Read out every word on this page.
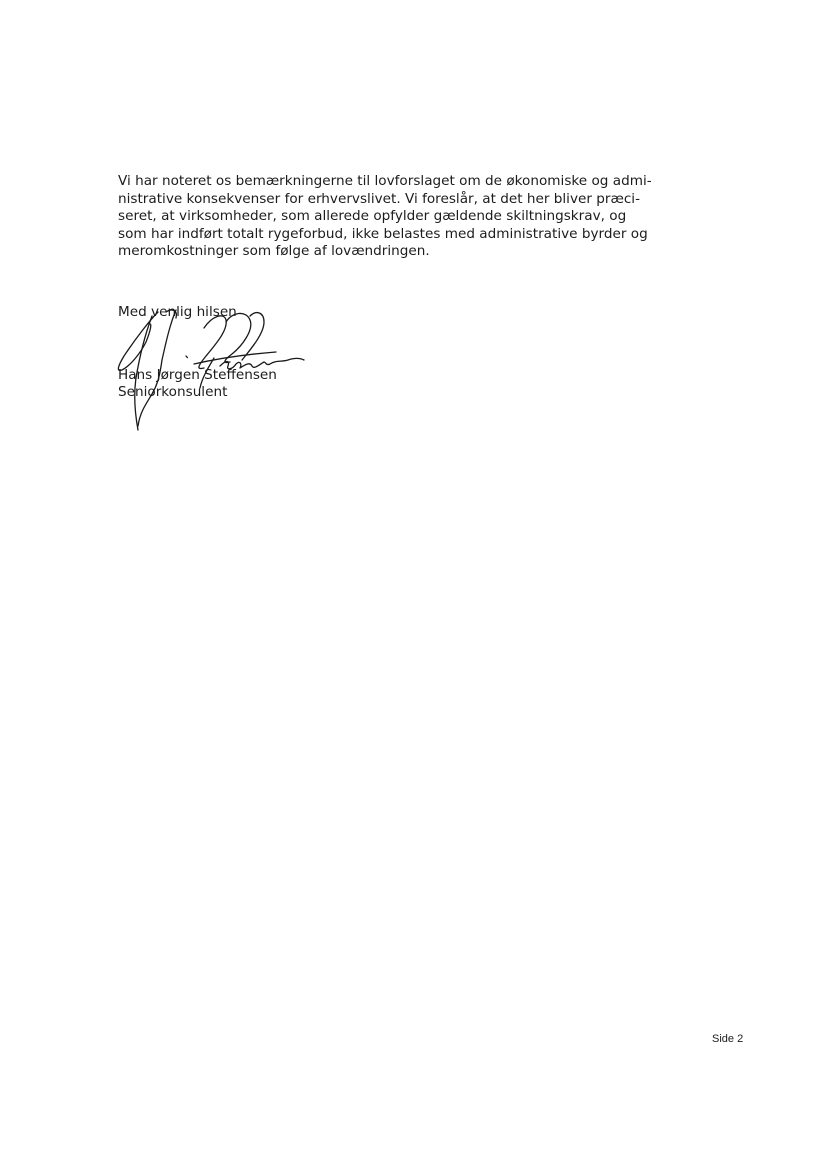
Vi har noteret os bemærkningerne til lovforslaget om de økonomiske og admi-
nistrative konsekvenser for erhvervslivet. Vi foreslår, at det her bliver præci-
seret, at virksomheder, som allerede opfylder gældende skiltningskrav, og
som har indført totalt rygeforbud, ikke belastes med administrative byrder og
meromkostninger som følge af lovændringen.

Med venlig hilsen

Hans Jørgen Steffensen
Seniorkonsulent

Side 2
